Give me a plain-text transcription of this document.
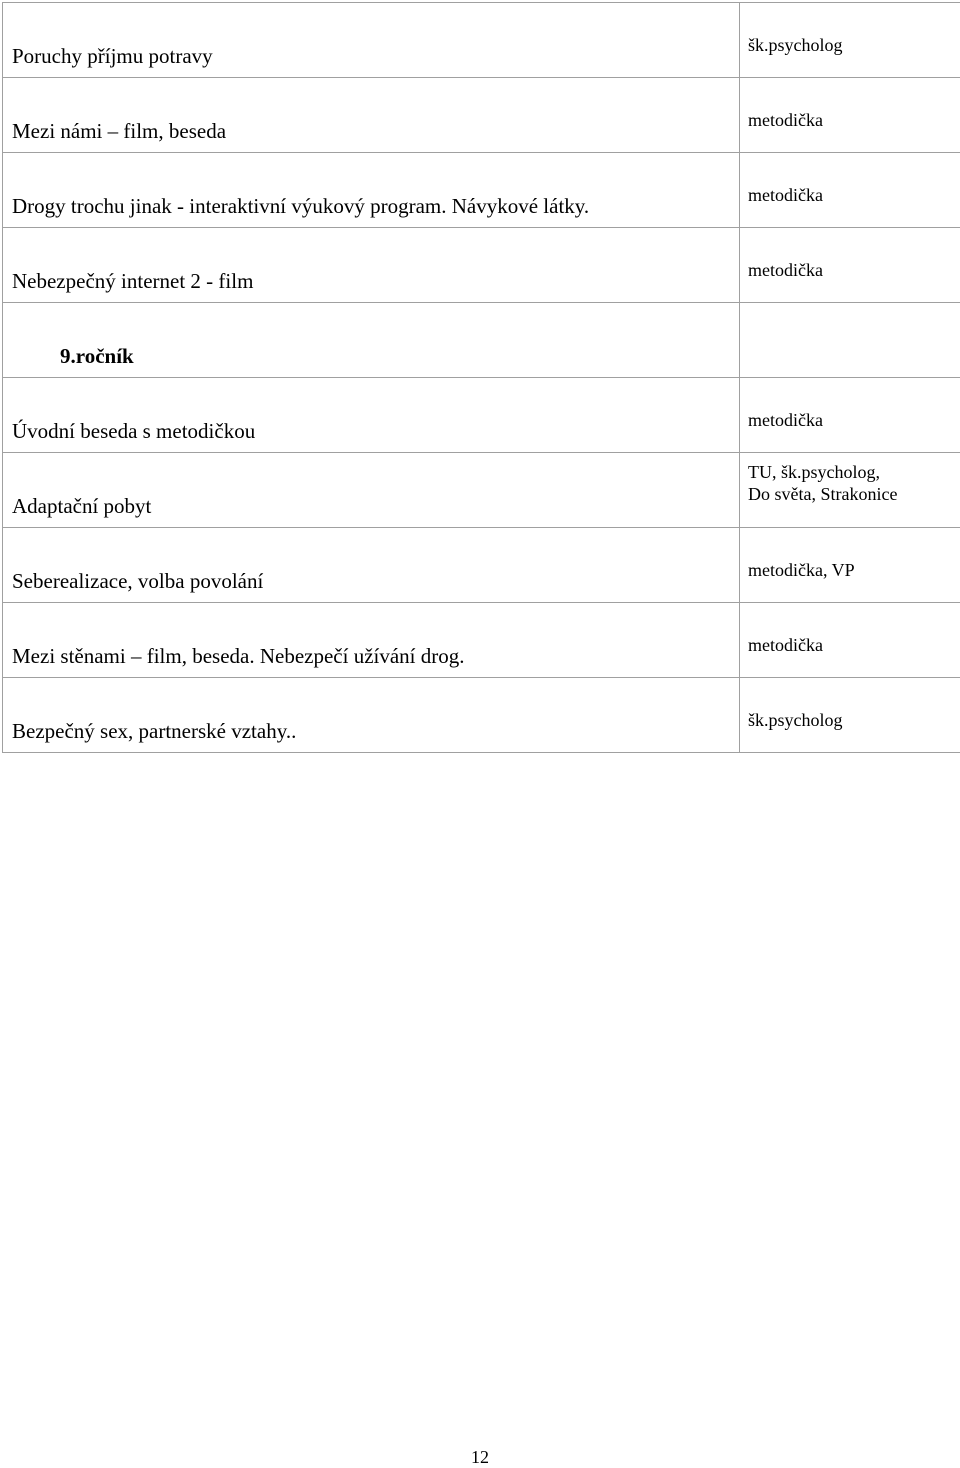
Poruchy příjmu potravy	šk.psycholog

Mezi námi – film, beseda	metodička

Drogy trochu jinak - interaktivní výukový program. Návykové látky.	metodička

Nebezpečný internet 2 - film	metodička

9.ročník	

Úvodní beseda s metodičkou	metodička

Adaptační pobyt	TU, šk.psycholog,
Do světa, Strakonice

Seberealizace, volba povolání	metodička, VP

Mezi stěnami – film, beseda. Nebezpečí užívání drog.	metodička

Bezpečný sex, partnerské vztahy..	šk.psycholog
12
